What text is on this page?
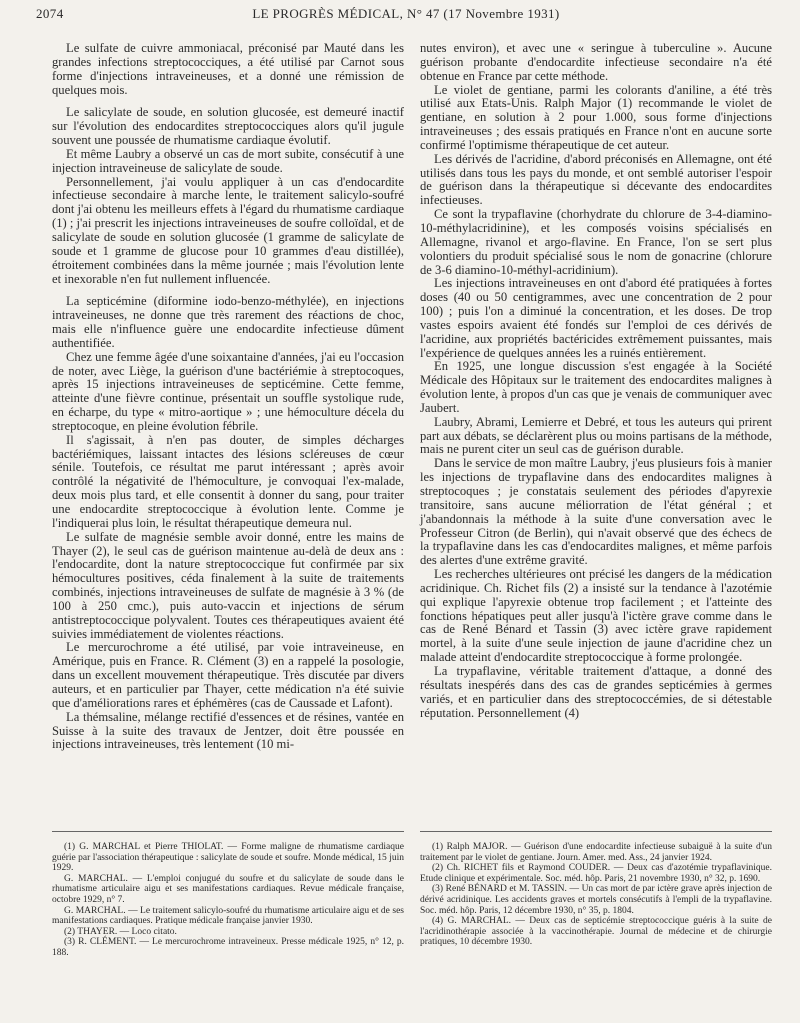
2074	LE PROGRÈS MÉDICAL, N° 47 (17 Novembre 1931)

Le sulfate de cuivre ammoniacal, préconisé par Mauté dans les grandes infections streptococciques, a été utilisé par Carnot sous forme d'injections intraveineuses, et a donné une rémission de quelques mois.

Le salicylate de soude, en solution glucosée, est demeuré inactif sur l'évolution des endocardites streptococciques alors qu'il jugule souvent une poussée de rhumatisme cardiaque évolutif.

Et même Laubry a observé un cas de mort subite, consécutif à une injection intraveineuse de salicylate de soude.

Personnellement, j'ai voulu appliquer à un cas d'endocardite infectieuse secondaire à marche lente, le traitement salicylo-soufré dont j'ai obtenu les meilleurs effets à l'égard du rhumatisme cardiaque (1) ; j'ai prescrit les injections intraveineuses de soufre colloïdal, et de salicylate de soude en solution glucosée (1 gramme de salicylate de soude et 1 gramme de glucose pour 10 grammes d'eau distillée), étroitement combinées dans la même journée ; mais l'évolution lente et inexorable n'en fut nullement influencée.

La septicémine (diformine iodo-benzo-méthylée), en injections intraveineuses, ne donne que très rarement des réactions de choc, mais elle n'influence guère une endocardite infectieuse dûment authentifiée.

Chez une femme âgée d'une soixantaine d'années, j'ai eu l'occasion de noter, avec Liège, la guérison d'une bactériémie à streptocoques, après 15 injections intraveineuses de septicémine. Cette femme, atteinte d'une fièvre continue, présentait un souffle systolique rude, en écharpe, du type « mitro-aortique » ; une hémoculture décela du streptocoque, en pleine évolution fébrile.

Il s'agissait, à n'en pas douter, de simples décharges bactériémiques, laissant intactes des lésions scléreuses de cœur sénile. Toutefois, ce résultat me parut intéressant ; après avoir contrôlé la négativité de l'hémoculture, je convoquai l'ex-malade, deux mois plus tard, et elle consentit à donner du sang, pour traiter une endocardite streptococcique à évolution lente. Comme je l'indiquerai plus loin, le résultat thérapeutique demeura nul.

Le sulfate de magnésie semble avoir donné, entre les mains de Thayer (2), le seul cas de guérison maintenue au-delà de deux ans : l'endocardite, dont la nature streptococcique fut confirmée par six hémocultures positives, céda finalement à la suite de traitements combinés, injections intraveineuses de sulfate de magnésie à 3 % (de 100 à 250 cmc.), puis auto-vaccin et injections de sérum antistreptococcique polyvalent. Toutes ces thérapeutiques avaient été suivies immédiatement de violentes réactions.

Le mercurochrome a été utilisé, par voie intraveineuse, en Amérique, puis en France. R. Clément (3) en a rappelé la posologie, dans un excellent mouvement thérapeutique. Très discutée par divers auteurs, et en particulier par Thayer, cette médication n'a été suivie que d'améliorations rares et éphémères (cas de Caussade et Lafont).

La thémsaline, mélange rectifié d'essences et de résines, vantée en Suisse à la suite des travaux de Jentzer, doit être poussée en injections intraveineuses, très lentement (10 mi-

nutes environ), et avec une « seringue à tuberculine ». Aucune guérison probante d'endocardite infectieuse secondaire n'a été obtenue en France par cette méthode.

Le violet de gentiane, parmi les colorants d'aniline, a été très utilisé aux Etats-Unis. Ralph Major (1) recommande le violet de gentiane, en solution à 2 pour 1.000, sous forme d'injections intraveineuses ; des essais pratiqués en France n'ont en aucune sorte confirmé l'optimisme thérapeutique de cet auteur.

Les dérivés de l'acridine, d'abord préconisés en Allemagne, ont été utilisés dans tous les pays du monde, et ont semblé autoriser l'espoir de guérison dans la thérapeutique si décevante des endocardites infectieuses.

Ce sont la trypaflavine (chorhydrate du chlorure de 3-4-diamino-10-méthylacridinine), et les composés voisins spécialisés en Allemagne, rivanol et argo-flavine. En France, l'on se sert plus volontiers du produit spécialisé sous le nom de gonacrine (chlorure de 3-6 diamino-10-méthyl-acridinium).

Les injections intraveineuses en ont d'abord été pratiquées à fortes doses (40 ou 50 centigrammes, avec une concentration de 2 pour 100) ; puis l'on a diminué la concentration, et les doses. De trop vastes espoirs avaient été fondés sur l'emploi de ces dérivés de l'acridine, aux propriétés bactéricides extrêmement puissantes, mais l'expérience de quelques années les a ruinés entièrement.

En 1925, une longue discussion s'est engagée à la Société Médicale des Hôpitaux sur le traitement des endocardites malignes à évolution lente, à propos d'un cas que je venais de communiquer avec Jaubert.

Laubry, Abrami, Lemierre et Debré, et tous les auteurs qui prirent part aux débats, se déclarèrent plus ou moins partisans de la méthode, mais ne purent citer un seul cas de guérison durable.

Dans le service de mon maître Laubry, j'eus plusieurs fois à manier les injections de trypaflavine dans des endocardites malignes à streptocoques ; je constatais seulement des périodes d'apyrexie transitoire, sans aucune méliorration de l'état général ; et j'abandonnais la méthode à la suite d'une conversation avec le Professeur Citron (de Berlin), qui n'avait observé que des échecs de la trypaflavine dans les cas d'endocardites malignes, et même parfois des alertes d'une extrême gravité.

Les recherches ultérieures ont précisé les dangers de la médication acridinique. Ch. Richet fils (2) a insisté sur la tendance à l'azotémie qui explique l'apyrexie obtenue trop facilement ; et l'atteinte des fonctions hépatiques peut aller jusqu'à l'ictère grave comme dans le cas de René Bénard et Tassin (3) avec ictère grave rapidement mortel, à la suite d'une seule injection de jaune d'acridine chez un malade atteint d'endocardite streptococcique à forme prolongée.

La trypaflavine, véritable traitement d'attaque, a donné des résultats inespérés dans des cas de grandes septicémies à germes variés, et en particulier dans des streptococcémies, de si détestable réputation. Personnellement (4)

(1) G. MARCHAL et Pierre THIOLAT. — Forme maligne de rhumatisme cardiaque guérie par l'association thérapeutique : salicylate de soude et soufre. Monde médical, 15 juin 1929.

G. MARCHAL. — L'emploi conjugué du soufre et du salicylate de soude dans le rhumatisme articulaire aigu et ses manifestations cardiaques. Revue médicale française, octobre 1929, n° 7.

G. MARCHAL. — Le traitement salicylo-soufré du rhumatisme articulaire aigu et de ses manifestations cardiaques. Pratique médicale française janvier 1930.

(2) THAYER. — Loco citato.

(3) R. CLÉMENT. — Le mercurochrome intraveineux. Presse médicale 1925, n° 12, p. 188.

(1) Ralph MAJOR. — Guérison d'une endocardite infectieuse subaiguë à la suite d'un traitement par le violet de gentiane. Journ. Amer. med. Ass., 24 janvier 1924.

(2) Ch. RICHET fils et Raymond COUDER. — Deux cas d'azotémie trypaflavinique. Etude clinique et expérimentale. Soc. méd. hôp. Paris, 21 novembre 1930, n° 32, p. 1690.

(3) René BÉNARD et M. TASSIN. — Un cas mort de par ictère grave après injection de dérivé acridinique. Les accidents graves et mortels consécutifs à l'empli de la trypaflavine. Soc. méd. hôp. Paris, 12 décembre 1930, n° 35, p. 1804.

(4) G. MARCHAL. — Deux cas de septicémie streptococcique guéris à la suite de l'acridinothérapie associée à la vaccinothérapie. Journal de médecine et de chirurgie pratiques, 10 décembre 1930.
